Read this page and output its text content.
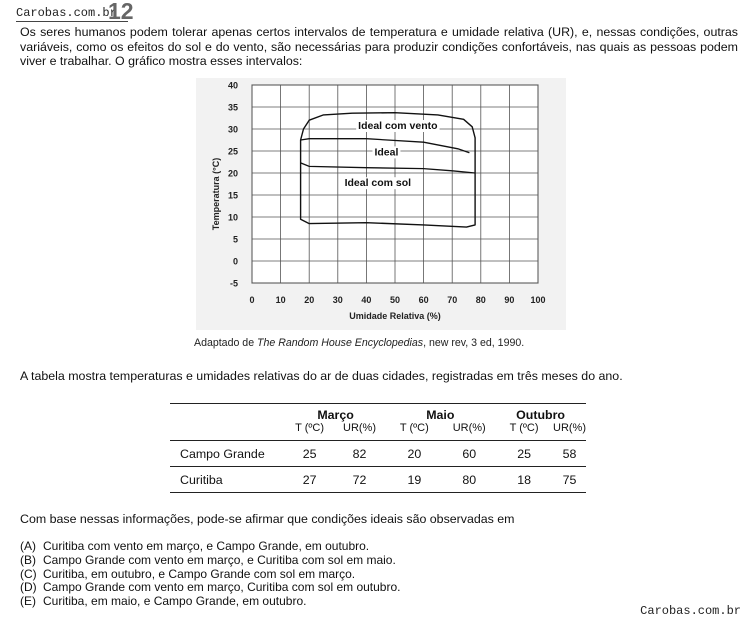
Carobas.com.br
12
Os seres humanos podem tolerar apenas certos intervalos de temperatura e umidade relativa (UR), e, nessas condições, outras variáveis, como os efeitos do sol e do vento, são necessárias para produzir condições confortáveis, nas quais as pessoas podem viver e trabalhar. O gráfico mostra esses intervalos:
Ideal com vento
Ideal
Ideal com sol
40
35
30
25
20
15
10
5
0
-5
0 10 20 30 40 50 60 70 80 90 100
Umidade Relativa (%)
Temperatura (°C)
Adaptado de The Random House Encyclopedias, new rev, 3 ed, 1990.
A tabela mostra temperaturas e umidades relativas do ar de duas cidades, registradas em três meses do ano.
	Março		Maio		Outubro	
	T (ºC)	UR(%)	T (ºC)	UR(%)	T (ºC)	UR(%)
Campo Grande	25	82	20	60	25	58
Curitiba	27	72	19	80	18	75
Com base nessas informações, pode-se afirmar que condições ideais são observadas em
(A) Curitiba com vento em março, e Campo Grande, em outubro.
(B) Campo Grande com vento em março, e Curitiba com sol em maio.
(C) Curitiba, em outubro, e Campo Grande com sol em março.
(D) Campo Grande com vento em março, Curitiba com sol em outubro.
(E) Curitiba, em maio, e Campo Grande, em outubro.
Carobas.com.br
